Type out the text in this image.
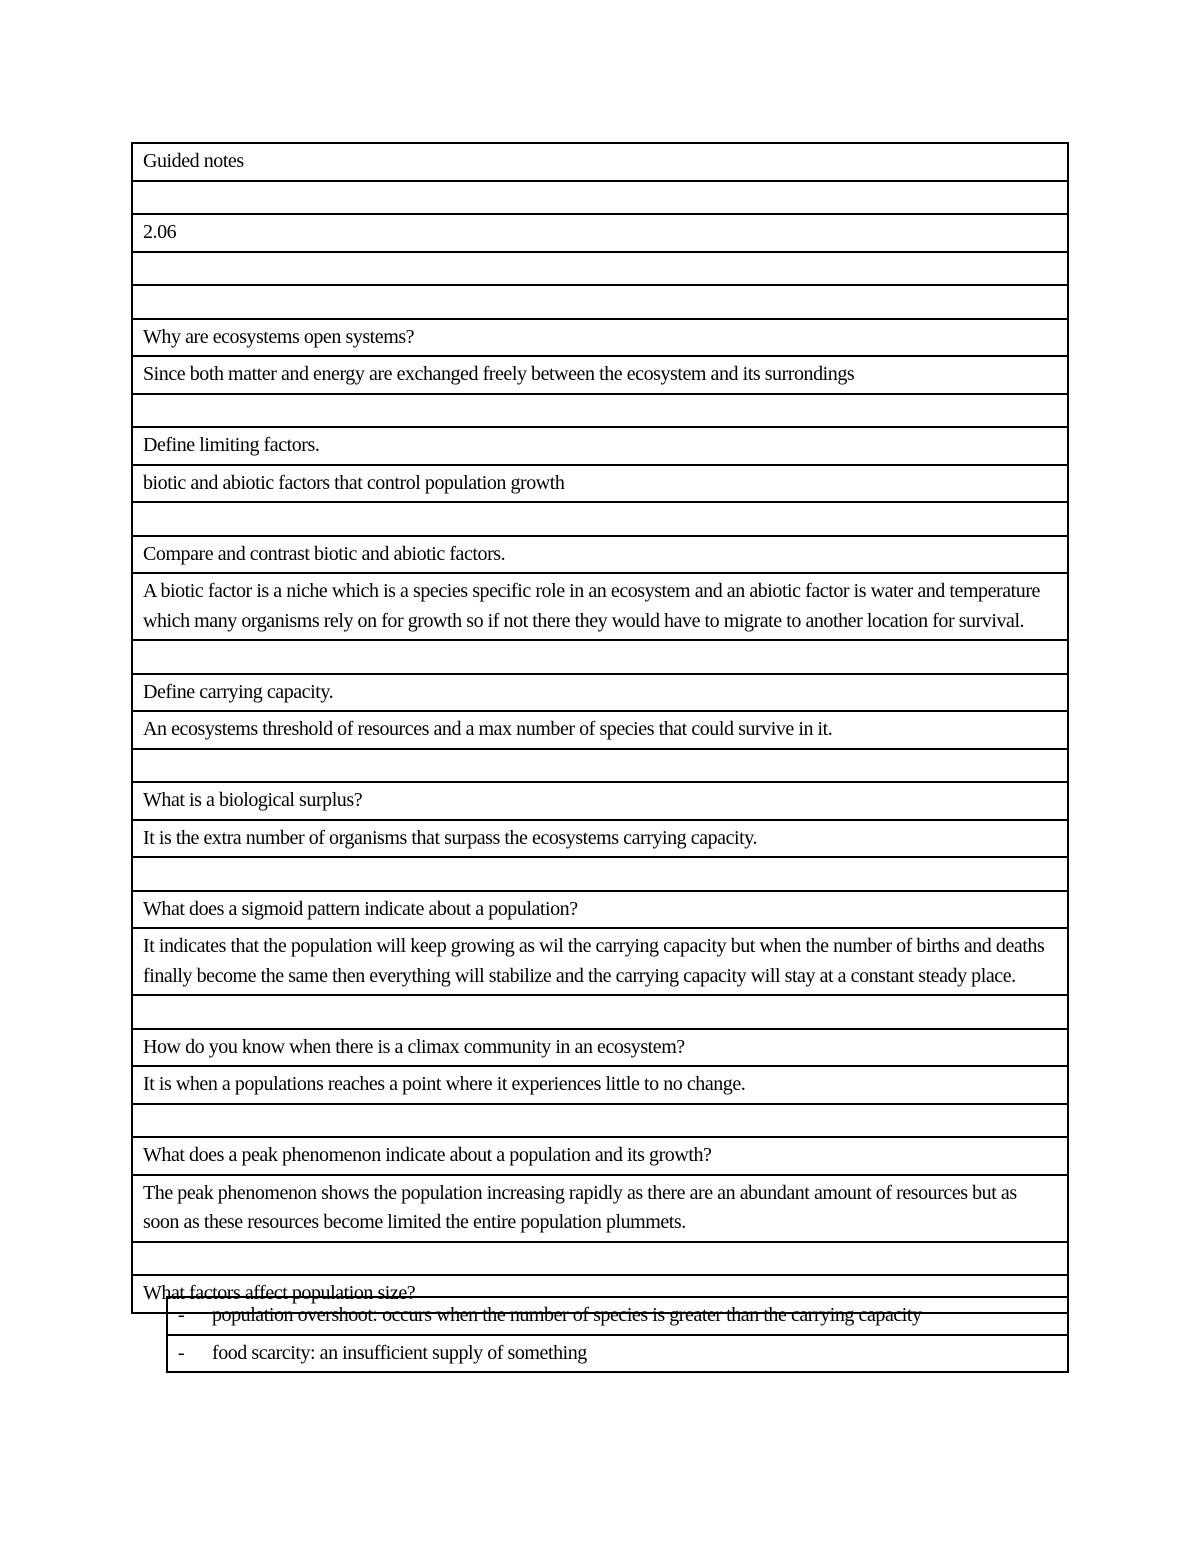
Guided notes
2.06
Why are ecosystems open systems?
Since both matter and energy are exchanged freely between the ecosystem and its surrondings
Define limiting factors.
biotic and abiotic factors that control population growth
Compare and contrast biotic and abiotic factors.
A biotic factor is a niche which is a species specific role in an ecosystem and an abiotic factor is water and temperature which many organisms rely on for growth so if not there they would have to migrate to another location for survival.
Define carrying capacity.
An ecosystems threshold of resources and a max number of species that could survive in it.
What is a biological surplus?
It is the extra number of organisms that surpass the ecosystems carrying capacity.
What does a sigmoid pattern indicate about a population?
It indicates that the population will keep growing as wil the carrying capacity but when the number of births and deaths finally become the same then everything will stabilize and the carrying capacity will stay at a constant steady place.
How do you know when there is a climax community in an ecosystem?
It is when a populations reaches a point where it experiences little to no change.
What does a peak phenomenon indicate about a population and its growth?
The peak phenomenon shows the population increasing rapidly as there are an abundant amount of resources but as soon as these resources become limited the entire population plummets.
What factors affect population size?
-	population overshoot: occurs when the number of species is greater than the carrying capacity
-	food scarcity: an insufficient supply of something
